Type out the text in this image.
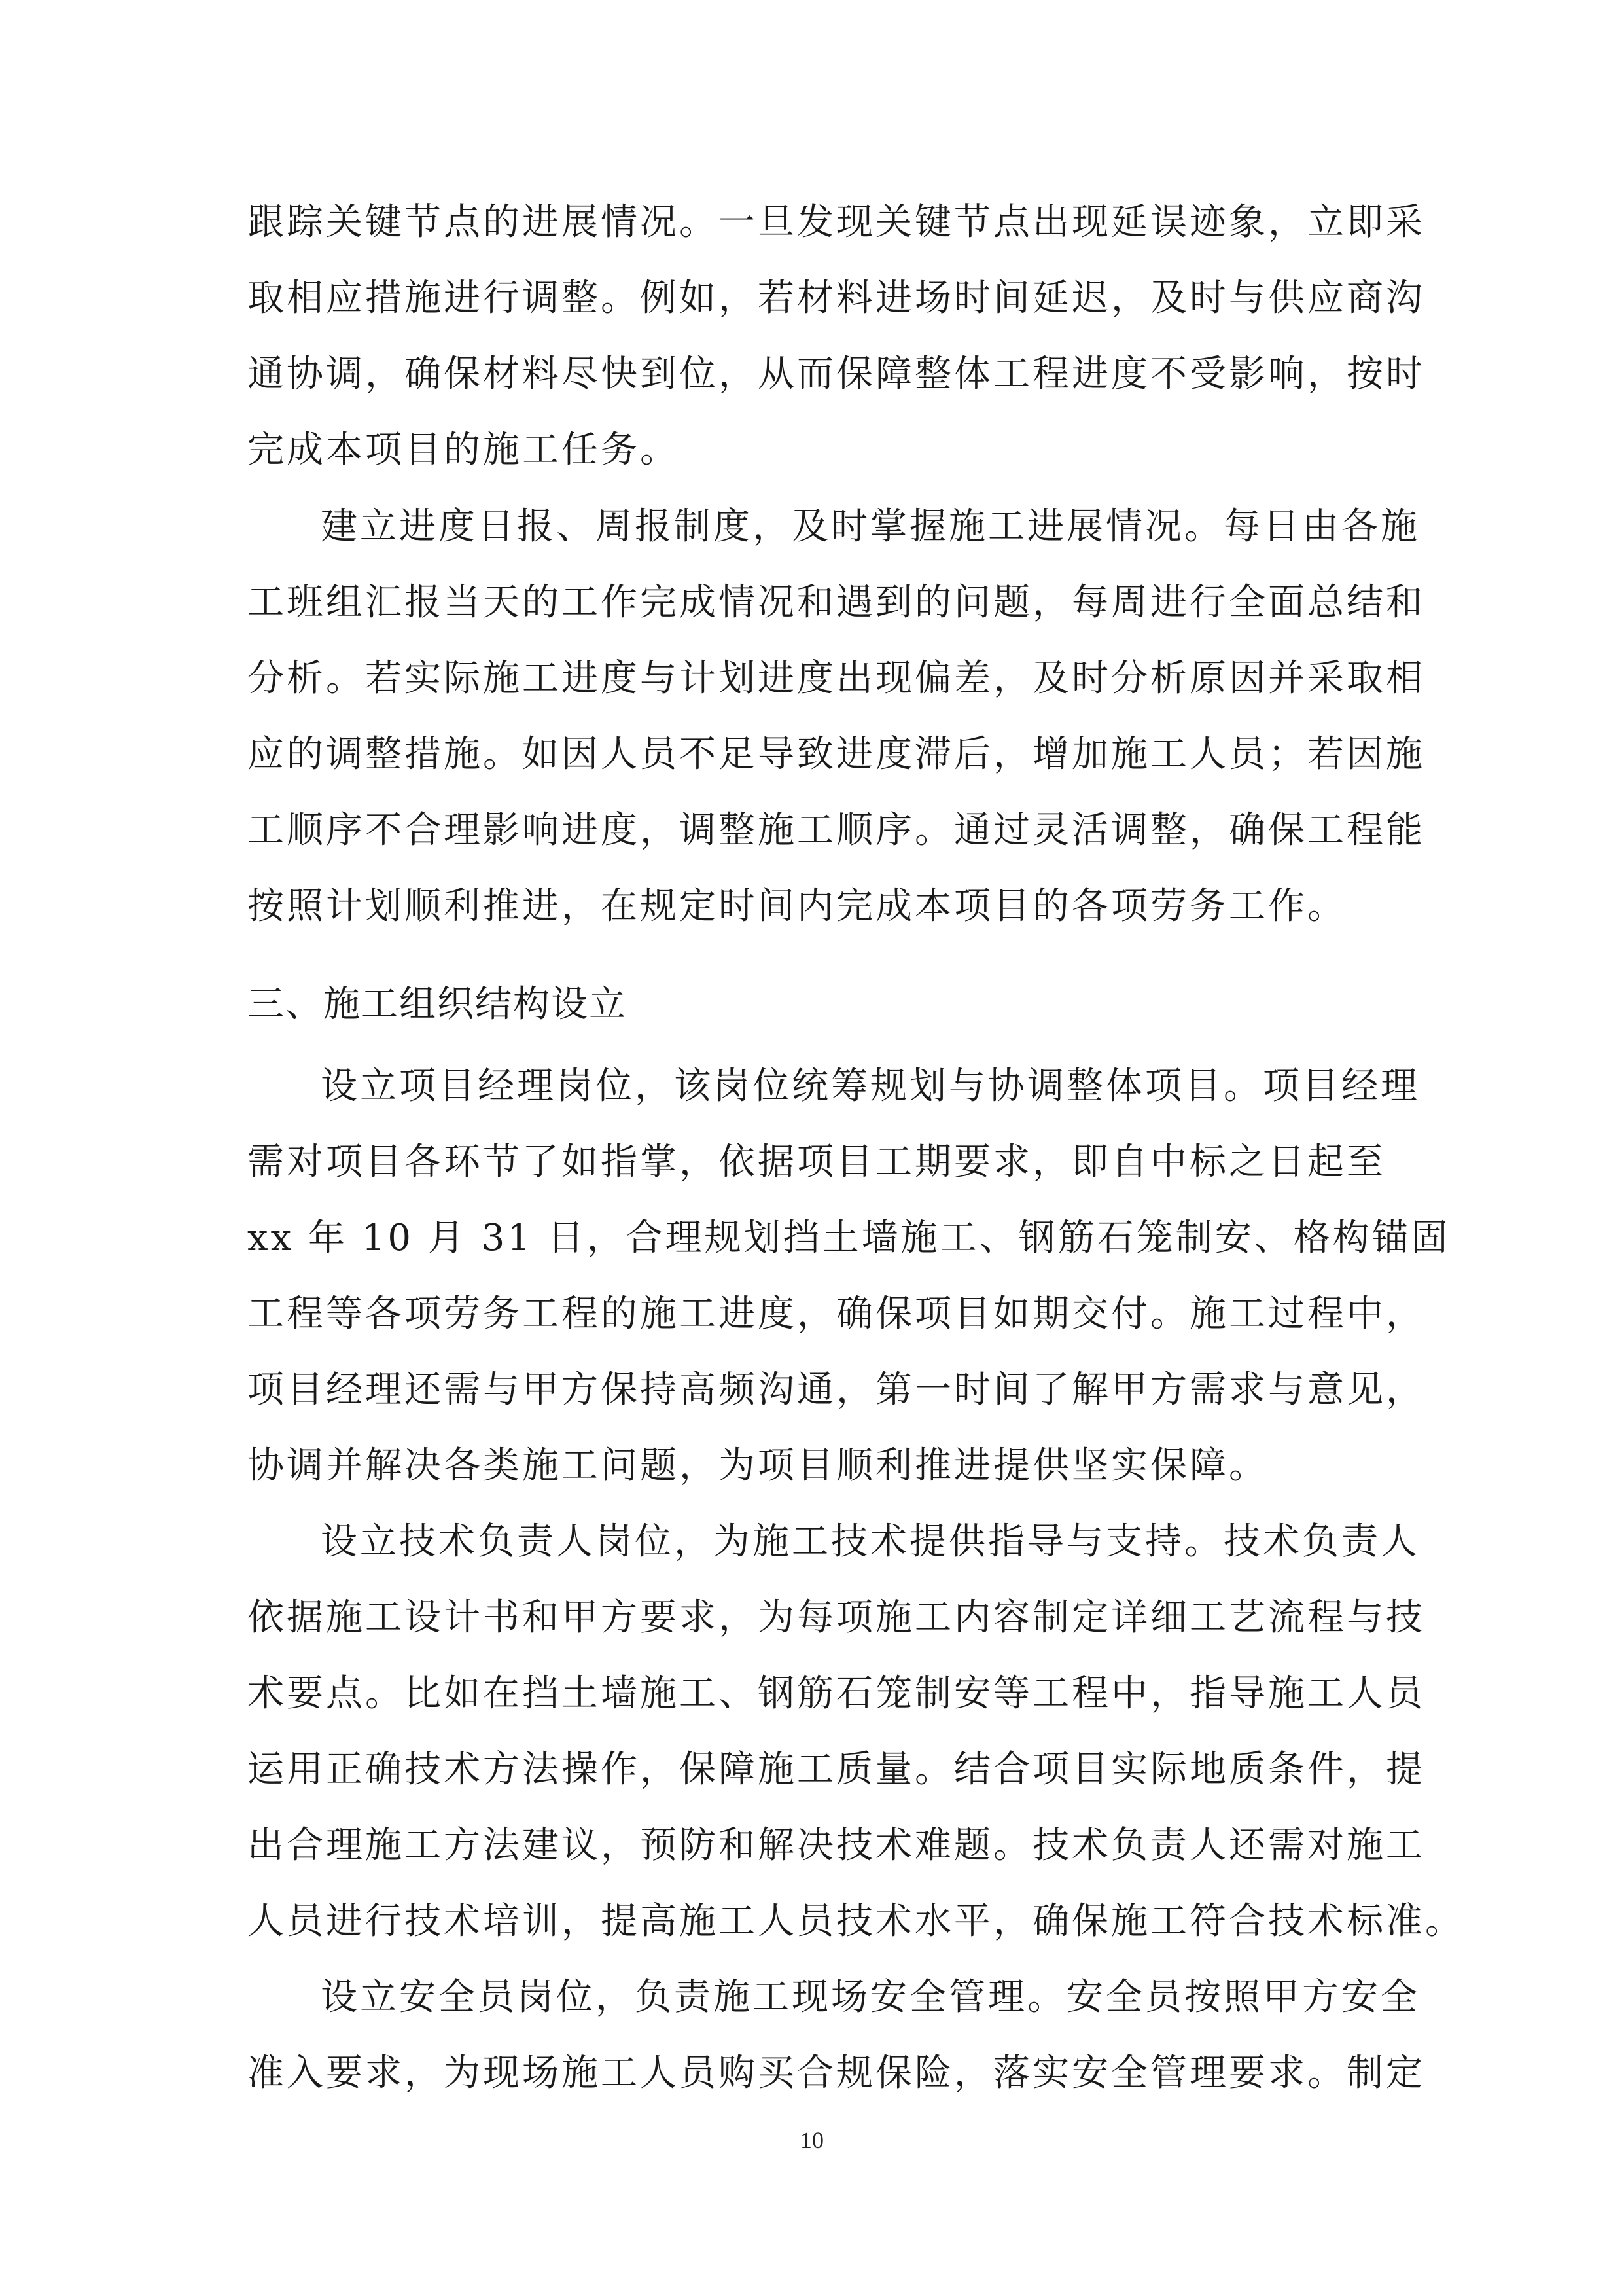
跟踪关键节点的进展情况。一旦发现关键节点出现延误迹象，立即采
取相应措施进行调整。例如，若材料进场时间延迟，及时与供应商沟
通协调，确保材料尽快到位，从而保障整体工程进度不受影响，按时
完成本项目的施工任务。
建立进度日报、周报制度，及时掌握施工进展情况。每日由各施
工班组汇报当天的工作完成情况和遇到的问题，每周进行全面总结和
分析。若实际施工进度与计划进度出现偏差，及时分析原因并采取相
应的调整措施。如因人员不足导致进度滞后，增加施工人员；若因施
工顺序不合理影响进度，调整施工顺序。通过灵活调整，确保工程能
按照计划顺利推进，在规定时间内完成本项目的各项劳务工作。
三、施工组织结构设立
设立项目经理岗位，该岗位统筹规划与协调整体项目。项目经理
需对项目各环节了如指掌，依据项目工期要求，即自中标之日起至
xx 年 10 月 31 日，合理规划挡土墙施工、钢筋石笼制安、格构锚固
工程等各项劳务工程的施工进度，确保项目如期交付。施工过程中，
项目经理还需与甲方保持高频沟通，第一时间了解甲方需求与意见，
协调并解决各类施工问题，为项目顺利推进提供坚实保障。
设立技术负责人岗位，为施工技术提供指导与支持。技术负责人
依据施工设计书和甲方要求，为每项施工内容制定详细工艺流程与技
术要点。比如在挡土墙施工、钢筋石笼制安等工程中，指导施工人员
运用正确技术方法操作，保障施工质量。结合项目实际地质条件，提
出合理施工方法建议，预防和解决技术难题。技术负责人还需对施工
人员进行技术培训，提高施工人员技术水平，确保施工符合技术标准。
设立安全员岗位，负责施工现场安全管理。安全员按照甲方安全
准入要求，为现场施工人员购买合规保险，落实安全管理要求。制定
10
